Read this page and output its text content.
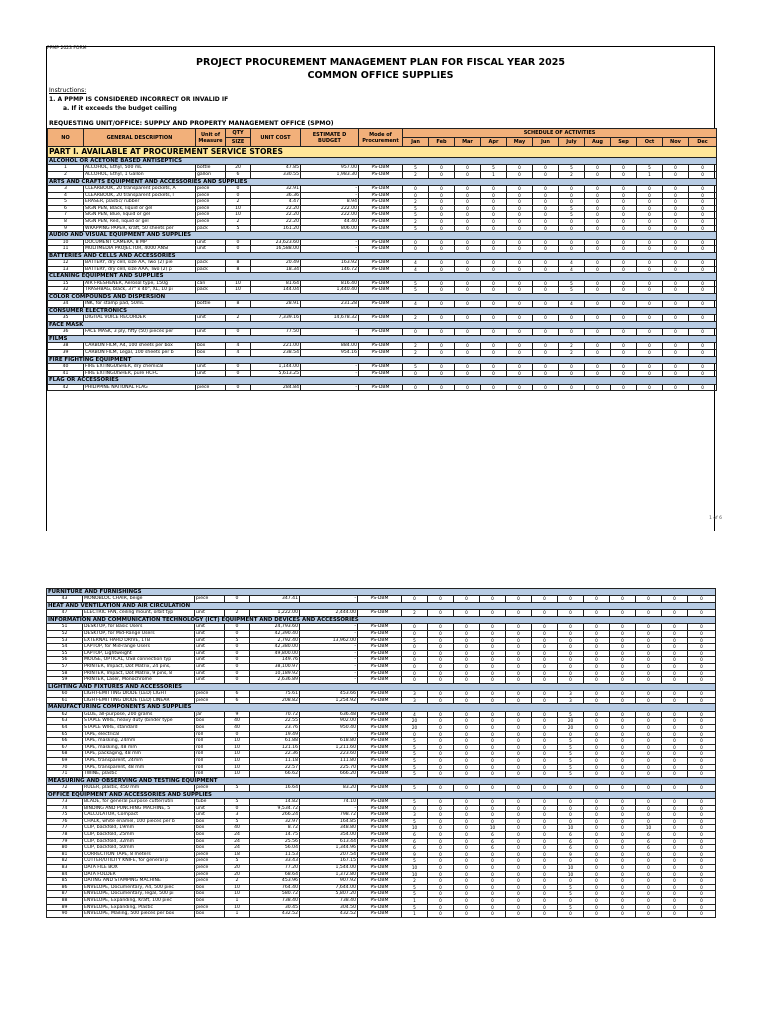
PPMP 2023 FORM
PROJECT PROCUREMENT MANAGEMENT PLAN FOR FISCAL YEAR 2025
COMMON OFFICE SUPPLIES
Instructions:
1. A PPMP IS CONSIDERED INCORRECT OR INVALID IF
a. If it exceeds the budget ceiling
REQUESTING UNIT/OFFICE: SUPPLY AND PROPERTY MANAGEMENT OFFICE (SPMO)
NO	GENERAL DESCRIPTION	Unit of Measure	QTY	UNIT COST	ESTIMATE D BUDGET	Mode of Procurement	SCHEDULE OF ACTIVITIES											
			SIZE				Jan	Feb	Mar	Apr	May	Jun	July	Aug	Sep	Oct	Nov	Dec
PART I. AVAILABLE AT PROCUREMENT SERVICE STORES																		
ALCOHOL OR ACETONE BASED ANTISEPTICS																		
1	ALCOHOL, Ethyl, 500 mL	bottle	20	47.85	957.00	PS-DBM	5	0	0	5	0	0	5	0	0	5	0	0
2	ALCOHOL, Ethyl, 1 Gallon	gallon	6	330.55	1,983.30	PS-DBM	2	0	0	1	0	0	2	0	0	1	0	0
ARTS AND CRAFTS EQUIPMENT AND ACCESSORIES AND SUPPLIES																		
3	CLEARBOOK, 20 transparent pockets, A	piece	0	32.91	-	PS-DBM	0	0	0	0	0	0	0	0	0	0	0	0
4	CLEARBOOK, 20 transparent pockets, l	piece	0	36.36	-	PS-DBM	0	0	0	0	0	0	0	0	0	0	0	0
5	ERASER, plastic/ rubber	piece	2	4.47	8.94	PS-DBM	2	0	0	0	0	0	0	0	0	0	0	0
6	SIGN PEN, Black, liquid or gel	piece	10	22.20	222.00	PS-DBM	5	0	0	0	0	0	5	0	0	0	0	0
7	SIGN PEN, Blue, liquid or gel	piece	10	22.20	222.00	PS-DBM	5	0	0	0	0	0	5	0	0	0	0	0
8	SIGN PEN, Red, liquid or gel	piece	2	22.20	44.40	PS-DBM	2	0	0	0	0	0	0	0	0	0	0	0
9	WRAPPING PAPER, kraft, 50 sheets per	pack	5	161.20	806.00	PS-DBM	5	0	0	0	0	0	0	0	0	0	0	0
AUDIO AND VISUAL EQUIPMENT AND SUPPLIES																		
10	DOCUMENT CAMERA, 8 MP	unit	0	23,623.60	-	PS-DBM	0	0	0	0	0	0	0	0	0	0	0	0
11	MULTIMEDIA PROJECTOR, 4000 ANSI	unit	0	16,588.00	-	PS-DBM	0	0	0	0	0	0	0	0	0	0	0	0
BATTERIES AND CELLS AND ACCESSORIES																		
12	BATTERY, dry cell, size AA, Two (2) pie	pack	8	20.49	163.92	PS-DBM	4	0	0	0	0	0	4	0	0	0	0	0
13	BATTERY, dry cell, size AAA, Two (2) p	pack	8	18.34	146.72	PS-DBM	4	0	0	0	0	0	4	0	0	0	0	0
CLEANING EQUIPMENT AND SUPPLIES																		
15	AIR FRESHENER, Aerosol type, 150g	can	10	81.64	816.40	PS-DBM	5	0	0	0	0	0	5	0	0	0	0	0
32	TRASHBAG, black, 37" x 40", XL, 10 pi	pack	10	144.04	1,440.40	PS-DBM	5	0	0	0	0	0	5	0	0	0	0	0
COLOR COMPOUNDS AND DISPERSION																		
34	INK, for stamp pad, 50mL	bottle	8	28.91	231.28	PS-DBM	4	0	0	0	0	0	4	0	0	0	0	0
CONSUMER ELECTRONICS																		
35	DIGITAL VOICE RECORDER	unit	2	7,339.16	14,678.32	PS-DBM	2	0	0	0	0	0	0	0	0	0	0	0
FACE MASK																		
36	FACE MASK, 3 ply, fifty (50) pieces per	unit	0	77.50	-	PS-DBM	0	0	0	0	0	0	0	0	0	0	0	0
FILMS																		
38	CARBON FILM, A4, 100 sheets per box	box	4	221.00	884.00	PS-DBM	2	0	0	0	0	0	2	0	0	0	0	0
39	CARBON FILM, Legal, 100 sheets per b	box	4	238.54	954.16	PS-DBM	2	0	0	0	0	0	2	0	0	0	0	0
FIRE FIGHTING EQUIPMENT																		
40	FIRE EXTINGUISHER, dry chemical	unit	0	1,144.00	-	PS-DBM	5	0	0	0	0	0	0	0	0	0	0	0
41	FIRE EXTINGUISHER, pure HCFC	unit	0	5,613.25	-	PS-DBM	0	0	0	0	0	0	0	0	0	0	0	0
FLAG OR ACCESSORIES																		
42	PHILIPPINE NATIONAL FLAG	piece	0	284.84	-	PS-DBM	0	0	0	0	0	0	0	0	0	0	0	0
1 of 6
FURNITURE AND FURNISHINGS																		
43	MONOBLOC CHAIR, beige	piece	0	347.41	-	PS-DBM	0	0	0	0	0	0	0	0	0	0	0	0
HEAT AND VENTILATION AND AIR CIRCULATION																		
47	ELECTRIC FAN, ceiling mount, orbit typ	unit	2	1,222.00	2,444.00	PS-DBM	2	0	0	0	0	0	0	0	0	0	0	0
INFORMATION AND COMMUNICATION TECHNOLOGY (ICT) EQUIPMENT AND DEVICES AND ACCESSORIES																		
51	DESKTOP, for Basic Users	unit	0	24,793.60	-	PS-DBM	0	0	0	0	0	0	0	0	0	0	0	0
52	DESKTOP, for Mid-Range Users	unit	0	42,390.40	-	PS-DBM	0	0	0	0	0	0	0	0	0	0	0	0
53	EXTERNAL HARD DRIVE, 1TB	unit	5	2,792.40	13,962.00	PS-DBM	5	0	0	0	0	0	0	0	0	0	0	0
54	LAPTOP, for Mid-range Users	unit	0	42,380.00	-	PS-DBM	0	0	0	0	0	0	0	0	0	0	0	0
55	LAPTOP, Lightweight	unit	0	49,800.00	-	PS-DBM	0	0	0	0	0	0	0	0	0	0	0	0
56	MOUSE, OPTICAL, USB connection typ	unit	0	149.76	-	PS-DBM	0	0	0	0	0	0	0	0	0	0	0	0
57	PRINTER, Impact, Dot Matrix, 24 pins,	unit	0	38,100.97	-	PS-DBM	0	0	0	0	0	0	0	0	0	0	0	0
58	PRINTER, Impact, Dot Matrix, 9 pins, 8	unit	0	10,189.92	-	PS-DBM	0	0	0	0	0	0	0	0	0	0	0	0
59	PRINTER, Laser, Monochrome	unit	0	2,636.89	-	PS-DBM	0	0	0	0	0	0	0	0	0	0	0	0
LIGHTING AND FIXTURES AND ACCESSORIES																		
60	LIGHT-EMITTING DIODE (LED) LIGHT	piece	6	75.61	453.66	PS-DBM	3	0	0	0	0	0	3	0	0	0	0	0
61	LIGHT-EMITTING DIODE (LED) LINEAR	piece	6	208.82	1,254.92	PS-DBM	3	0	0	0	0	0	3	0	0	0	0	0
MANUFACTURING COMPONENTS AND SUPPLIES																		
62	GLUE, all-purpose, 200 grams	jar	9	70.72	636.48	PS-DBM	4	0	0	0	0	0	5	0	0	0	0	0
63	STAPLE WIRE, heavy duty (binder type	box	40	22.55	902.00	PS-DBM	20	0	0	0	0	0	20	0	0	0	0	0
64	STAPLE WIRE, standard	box	40	23.76	950.40	PS-DBM	20	0	0	0	0	0	20	0	0	0	0	0
65	TAPE, electrical	roll	0	19.49	-	PS-DBM	0	0	0	0	0	0	0	0	0	0	0	0
66	TAPE, masking, 24mm	roll	10	61.88	618.80	PS-DBM	5	0	0	0	0	0	5	0	0	0	0	0
67	TAPE, masking, 48 mm	roll	10	121.16	1,211.60	PS-DBM	5	0	0	0	0	0	5	0	0	0	0	0
68	TAPE, packaging, 48 mm	roll	10	22.36	223.60	PS-DBM	5	0	0	0	0	0	5	0	0	0	0	0
69	TAPE, transparent, 24mm	roll	10	11.18	111.80	PS-DBM	5	0	0	0	0	0	5	0	0	0	0	0
70	TAPE, transparent, 48 mm	roll	10	22.57	225.70	PS-DBM	5	0	0	0	0	0	5	0	0	0	0	0
71	TWINE, plastic	roll	10	66.62	666.20	PS-DBM	5	0	0	0	0	0	5	0	0	0	0	0
MEASURING AND OBSERVING AND TESTING EQUIPMENT																		
72	RULER, plastic, 450 mm	piece	5	16.64	83.20	PS-DBM	5	0	0	0	0	0	0	0	0	0	0	0
OFFICE EQUIPMENT AND ACCESSORIES AND SUPPLIES																		
73	BLADE, for general purpose cutter/utili	tube	5	14.82	74.10	PS-DBM	5	0	0	0	0	0	0	0	0	0	0	0
74	BINDING AND PUNCHING MACHINE, 5	unit	0	9,534.72	-	PS-DBM	0	0	0	0	0	0	0	0	0	0	0	0
75	CALCULATOR, Compact	unit	3	266.24	798.72	PS-DBM	3	0	0	0	0	0	0	0	0	0	0	0
76	CHALK, white enamel, 100 pieces per b	box	5	32.97	164.85	PS-DBM	5	0	0	0	0	0	0	0	0	0	0	0
77	CLIP, backfold, 19mm	box	40	8.72	348.80	PS-DBM	10	0	0	10	0	0	10	0	0	10	0	0
78	CLIP, backfold, 25mm	box	24	14.75	354.00	PS-DBM	6	0	0	6	0	0	6	0	0	6	0	0
79	CLIP, backfold, 32mm	box	24	25.56	613.44	PS-DBM	6	0	0	6	0	0	6	0	0	6	0	0
80	CLIP, backfold, 50mm	box	24	56.04	1,344.96	PS-DBM	6	0	0	6	0	0	6	0	0	6	0	0
81	CORRECTION TAPE, 8 meters	piece	18	11.53	207.54	PS-DBM	9	0	0	0	0	0	9	0	0	0	0	0
82	CUTTER/UTILITY KNIFE, for general p	piece	5	33.43	167.15	PS-DBM	5	0	0	0	0	0	0	0	0	0	0	0
83	DATA FILE BOX	piece	20	77.20	1,544.00	PS-DBM	10	0	0	0	0	0	10	0	0	0	0	0
84	DATA FOLDER	piece	20	68.64	1,372.80	PS-DBM	10	0	0	0	0	0	10	0	0	0	0	0
85	DATING AND STAMPING MACHINE	piece	2	453.96	907.92	PS-DBM	2	0	0	0	0	0	0	0	0	0	0	0
86	ENVELOPE, Documentary, A4, 500 piec	box	10	764.40	7,644.00	PS-DBM	5	0	0	0	0	0	5	0	0	0	0	0
87	ENVELOPE, Documentary, legal, 500 pi	box	10	580.72	5,807.20	PS-DBM	5	0	0	0	0	0	5	0	0	0	0	0
88	ENVELOPE, Expanding, Kraft, 100 piec	box	1	738.40	738.40	PS-DBM	1	0	0	0	0	0	0	0	0	0	0	0
89	ENVELOPE, Expanding, Plastic	piece	10	30.45	304.50	PS-DBM	5	0	0	0	0	0	5	0	0	0	0	0
90	ENVELOPE, Mailing, 500 pieces per box	box	1	432.52	432.52	PS-DBM	1	0	0	0	0	0	0	0	0	0	0	0
